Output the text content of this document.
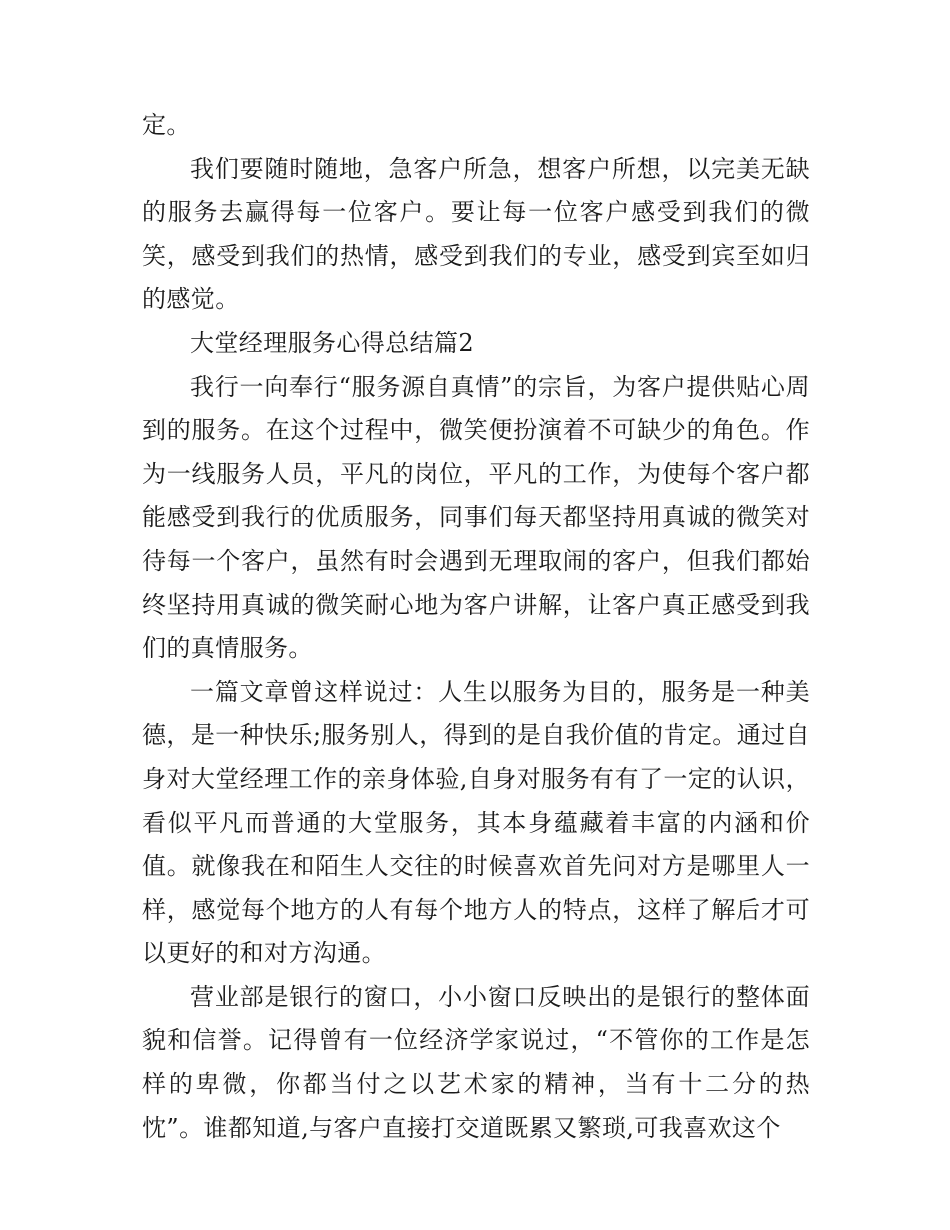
定。

我们要随时随地，急客户所急，想客户所想，以完美无缺的服务去赢得每一位客户。要让每一位客户感受到我们的微笑，感受到我们的热情，感受到我们的专业，感受到宾至如归的感觉。

大堂经理服务心得总结篇2

我行一向奉行“服务源自真情”的宗旨，为客户提供贴心周到的服务。在这个过程中，微笑便扮演着不可缺少的角色。作为一线服务人员，平凡的岗位，平凡的工作，为使每个客户都能感受到我行的优质服务，同事们每天都坚持用真诚的微笑对待每一个客户，虽然有时会遇到无理取闹的客户，但我们都始终坚持用真诚的微笑耐心地为客户讲解，让客户真正感受到我们的真情服务。

一篇文章曾这样说过：人生以服务为目的，服务是一种美德，是一种快乐;服务别人，得到的是自我价值的肯定。通过自身对大堂经理工作的亲身体验,自身对服务有有了一定的认识，看似平凡而普通的大堂服务，其本身蕴藏着丰富的内涵和价值。就像我在和陌生人交往的时候喜欢首先问对方是哪里人一样，感觉每个地方的人有每个地方人的特点，这样了解后才可以更好的和对方沟通。

营业部是银行的窗口，小小窗口反映出的是银行的整体面貌和信誉。记得曾有一位经济学家说过，“不管你的工作是怎样的卑微，你都当付之以艺术家的精神，当有十二分的热忱”。谁都知道,与客户直接打交道既累又繁琐,可我喜欢这个
